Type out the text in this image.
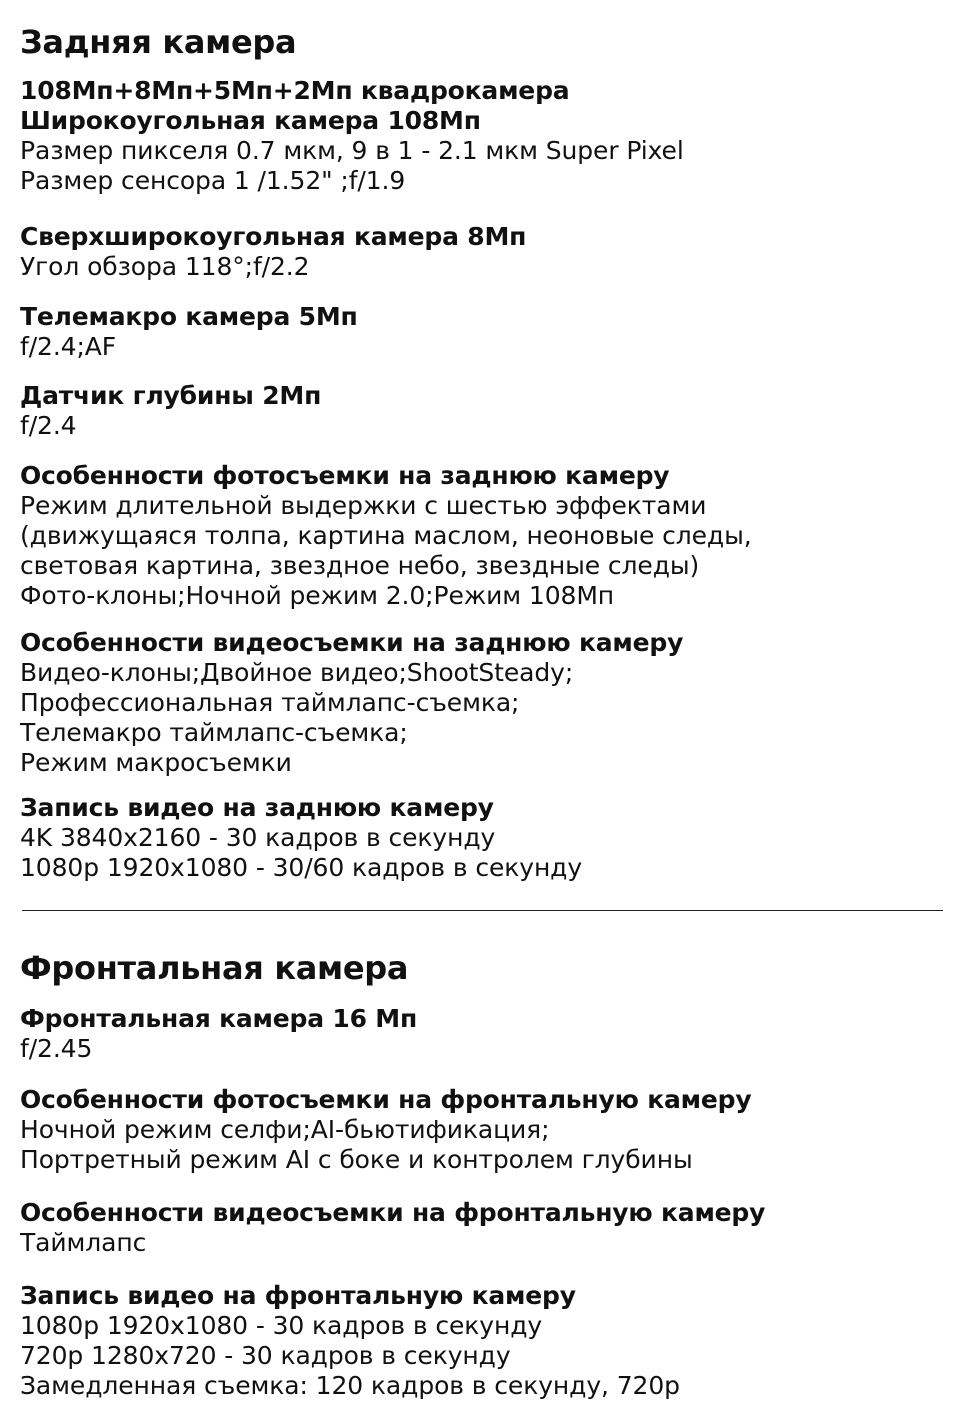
Задняя камера
108Мп+8Мп+5Мп+2Мп квадрокамера
Широкоугольная камера 108Мп
Размер пикселя 0.7 мкм, 9 в 1 - 2.1 мкм Super Pixel
Размер сенсора 1 /1.52" ;f/1.9
Сверхширокоугольная камера 8Мп
Угол обзора 118°;f/2.2
Телемакро камера 5Мп
f/2.4;AF
Датчик глубины 2Мп
f/2.4
Особенности фотосъемки на заднюю камеру
Режим длительной выдержки с шестью эффектами
(движущаяся толпа, картина маслом, неоновые следы,
световая картина, звездное небо, звездные следы)
Фото-клоны;Ночной режим 2.0;Режим 108Мп
Особенности видеосъемки на заднюю камеру
Видео-клоны;Двойное видео;ShootSteady;
Профессиональная таймлапс-съемка;
Телемакро таймлапс-съемка;
Режим макросъемки
Запись видео на заднюю камеру
4K 3840x2160 - 30 кадров в секунду
1080p 1920x1080 - 30/60 кадров в секунду
Фронтальная камера
Фронтальная камера 16 Мп
f/2.45
Особенности фотосъемки на фронтальную камеру
Ночной режим селфи;AI-бьютификация;
Портретный режим AI с боке и контролем глубины
Особенности видеосъемки на фронтальную камеру
Таймлапс
Запись видео на фронтальную камеру
1080p 1920x1080 - 30 кадров в секунду
720p 1280x720 - 30 кадров в секунду
Замедленная съемка: 120 кадров в секунду, 720p
